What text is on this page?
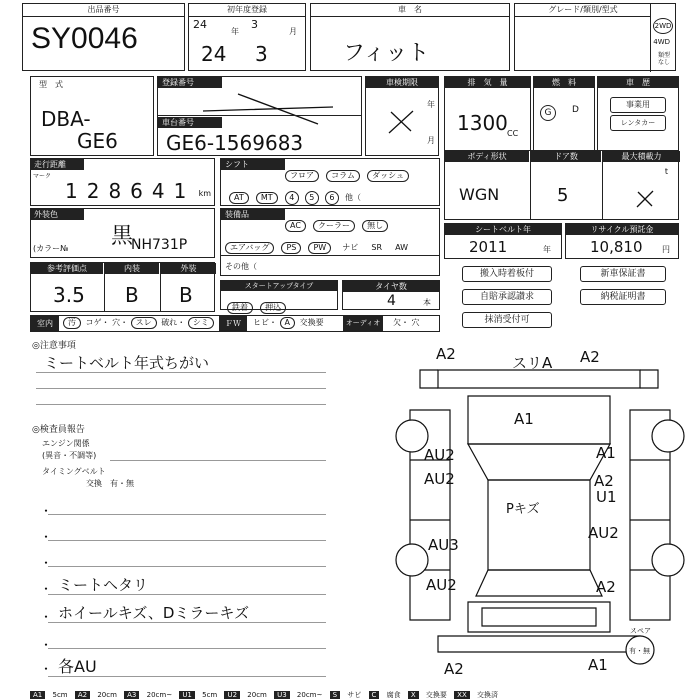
出品番号
SY0046
初年度登録
24
年
3
月
24 3
車　名
フィット
グレード/類別/型式
2WD
4WD
類型
なし
型　式
DBA-
GE6
登録番号
車台番号
GE6-1569683
車検期限
年
月
排　気　量
1300 CC
燃　料
G	D
車　歴
事業用
レンタカー
走行距離
マーク
128641 km
シフト
フロア コラム ダッシュ
AT MT 4 5 6 他（
ボディ形状	ドア数	最大積載力
WGN	5
t
外装色
黒
(カラー№	NH731P
装備品
AC クーラー 無し
エアバッグ PS PW ナビ SR AW
その他（
シートベルト年
2011	年
リサイクル預託金
10,810 円
参考評価点	内装	外装
3.5 B B	スタートアップタイプ
鉄着 押込
タイヤ数
4	本
搬入時着板付
自賠承認讃求
抹消受付可
新車保証書
納税証明書
室内	汚 コゲ・ 穴・ スレ 破れ・ シミ	ＦＷ	ヒビ・ A 交換要	オーディオ	欠・ 穴
◎注意事項
ミートベルト年式ちがい
◎検査員報告
エンジン関係
(異音・不調等)
タイミングベルト
交換　有・無
・
・
・
・ ミートヘタリ
・ ホイールキズ、Dミラーキズ
・
・ 各AU
A2	スリA A2
A1
AU2
AU2
AU3
AU2
A1
A2
U1
AU2
A2
Pキズ
A2	A1
スペア
有・無
A1 5cm A2 20cm A3 20cm~ U1 5cm U2 20cm U3 20cm~ S サビ C 腐食 X 交換要 XX 交換済
